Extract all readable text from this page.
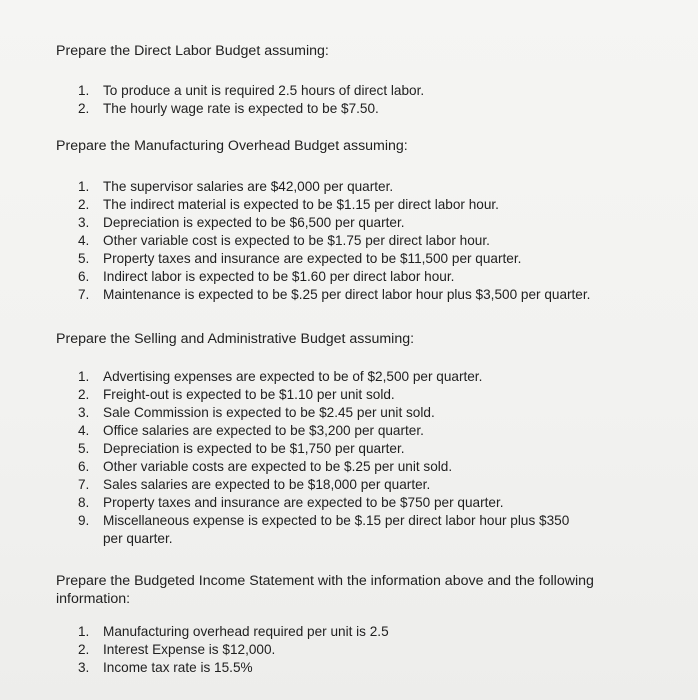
Prepare the Direct Labor Budget assuming:

1. To produce a unit is required 2.5 hours of direct labor.
2. The hourly wage rate is expected to be $7.50.

Prepare the Manufacturing Overhead Budget assuming:

1. The supervisor salaries are $42,000 per quarter.
2. The indirect material is expected to be $1.15 per direct labor hour.
3. Depreciation is expected to be $6,500 per quarter.
4. Other variable cost is expected to be $1.75 per direct labor hour.
5. Property taxes and insurance are expected to be $11,500 per quarter.
6. Indirect labor is expected to be $1.60 per direct labor hour.
7. Maintenance is expected to be $.25 per direct labor hour plus $3,500 per quarter.

Prepare the Selling and Administrative Budget assuming:

1. Advertising expenses are expected to be of $2,500 per quarter.
2. Freight-out is expected to be $1.10 per unit sold.
3. Sale Commission is expected to be $2.45 per unit sold.
4. Office salaries are expected to be $3,200 per quarter.
5. Depreciation is expected to be $1,750 per quarter.
6. Other variable costs are expected to be $.25 per unit sold.
7. Sales salaries are expected to be $18,000 per quarter.
8. Property taxes and insurance are expected to be $750 per quarter.
9. Miscellaneous expense is expected to be $.15 per direct labor hour plus $350 per quarter.

Prepare the Budgeted Income Statement with the information above and the following information:

1. Manufacturing overhead required per unit is 2.5
2. Interest Expense is $12,000.
3. Income tax rate is 15.5%
